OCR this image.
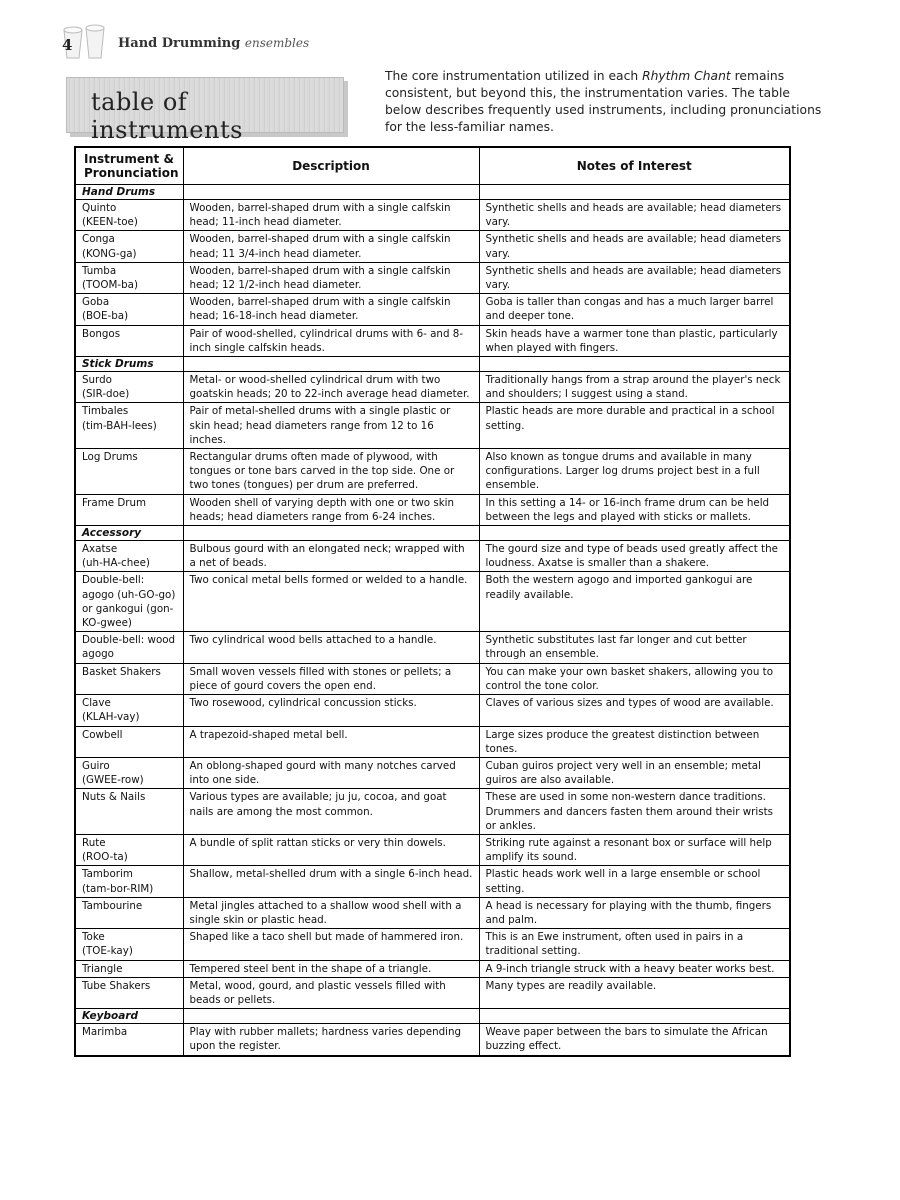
4	Hand Drumming ensembles
table of instruments
The core instrumentation utilized in each Rhythm Chant remains consistent, but beyond this, the instrumentation varies. The table below describes frequently used instruments, including pronunciations for the less-familiar names.
Instrument & Pronunciation	Description	Notes of Interest
Hand Drums		
Quinto
(KEEN-toe)	Wooden, barrel-shaped drum with a single calfskin head; 11-inch head diameter.	Synthetic shells and heads are available; head diameters vary.
Conga
(KONG-ga)	Wooden, barrel-shaped drum with a single calfskin head; 11 3/4-inch head diameter.	Synthetic shells and heads are available; head diameters vary.
Tumba
(TOOM-ba)	Wooden, barrel-shaped drum with a single calfskin head; 12 1/2-inch head diameter.	Synthetic shells and heads are available; head diameters vary.
Goba
(BOE-ba)	Wooden, barrel-shaped drum with a single calfskin head; 16-18-inch head diameter.	Goba is taller than congas and has a much larger barrel and deeper tone.
Bongos	Pair of wood-shelled, cylindrical drums with 6- and 8-inch single calfskin heads.	Skin heads have a warmer tone than plastic, particularly when played with fingers.
Stick Drums		
Surdo
(SIR-doe)	Metal- or wood-shelled cylindrical drum with two goatskin heads; 20 to 22-inch average head diameter.	Traditionally hangs from a strap around the player's neck and shoulders; I suggest using a stand.
Timbales
(tim-BAH-lees)	Pair of metal-shelled drums with a single plastic or skin head; head diameters range from 12 to 16 inches.	Plastic heads are more durable and practical in a school setting.
Log Drums	Rectangular drums often made of plywood, with tongues or tone bars carved in the top side. One or two tones (tongues) per drum are preferred.	Also known as tongue drums and available in many configurations. Larger log drums project best in a full ensemble.
Frame Drum	Wooden shell of varying depth with one or two skin heads; head diameters range from 6-24 inches.	In this setting a 14- or 16-inch frame drum can be held between the legs and played with sticks or mallets.
Accessory		
Axatse
(uh-HA-chee)	Bulbous gourd with an elongated neck; wrapped with a net of beads.	The gourd size and type of beads used greatly affect the loudness. Axatse is smaller than a shakere.
Double-bell: agogo (uh-GO-go) or gankogui (gon-KO-gwee)	Two conical metal bells formed or welded to a handle.	Both the western agogo and imported gankogui are readily available.
Double-bell: wood agogo	Two cylindrical wood bells attached to a handle.	Synthetic substitutes last far longer and cut better through an ensemble.
Basket Shakers	Small woven vessels filled with stones or pellets; a piece of gourd covers the open end.	You can make your own basket shakers, allowing you to control the tone color.
Clave
(KLAH-vay)	Two rosewood, cylindrical concussion sticks.	Claves of various sizes and types of wood are available.
Cowbell	A trapezoid-shaped metal bell.	Large sizes produce the greatest distinction between tones.
Guiro
(GWEE-row)	An oblong-shaped gourd with many notches carved into one side.	Cuban guiros project very well in an ensemble; metal guiros are also available.
Nuts & Nails	Various types are available; ju ju, cocoa, and goat nails are among the most common.	These are used in some non-western dance traditions. Drummers and dancers fasten them around their wrists or ankles.
Rute
(ROO-ta)	A bundle of split rattan sticks or very thin dowels.	Striking rute against a resonant box or surface will help amplify its sound.
Tamborim
(tam-bor-RIM)	Shallow, metal-shelled drum with a single 6-inch head.	Plastic heads work well in a large ensemble or school setting.
Tambourine	Metal jingles attached to a shallow wood shell with a single skin or plastic head.	A head is necessary for playing with the thumb, fingers and palm.
Toke
(TOE-kay)	Shaped like a taco shell but made of hammered iron.	This is an Ewe instrument, often used in pairs in a traditional setting.
Triangle	Tempered steel bent in the shape of a triangle.	A 9-inch triangle struck with a heavy beater works best.
Tube Shakers	Metal, wood, gourd, and plastic vessels filled with beads or pellets.	Many types are readily available.
Keyboard		
Marimba	Play with rubber mallets; hardness varies depending upon the register.	Weave paper between the bars to simulate the African buzzing effect.
